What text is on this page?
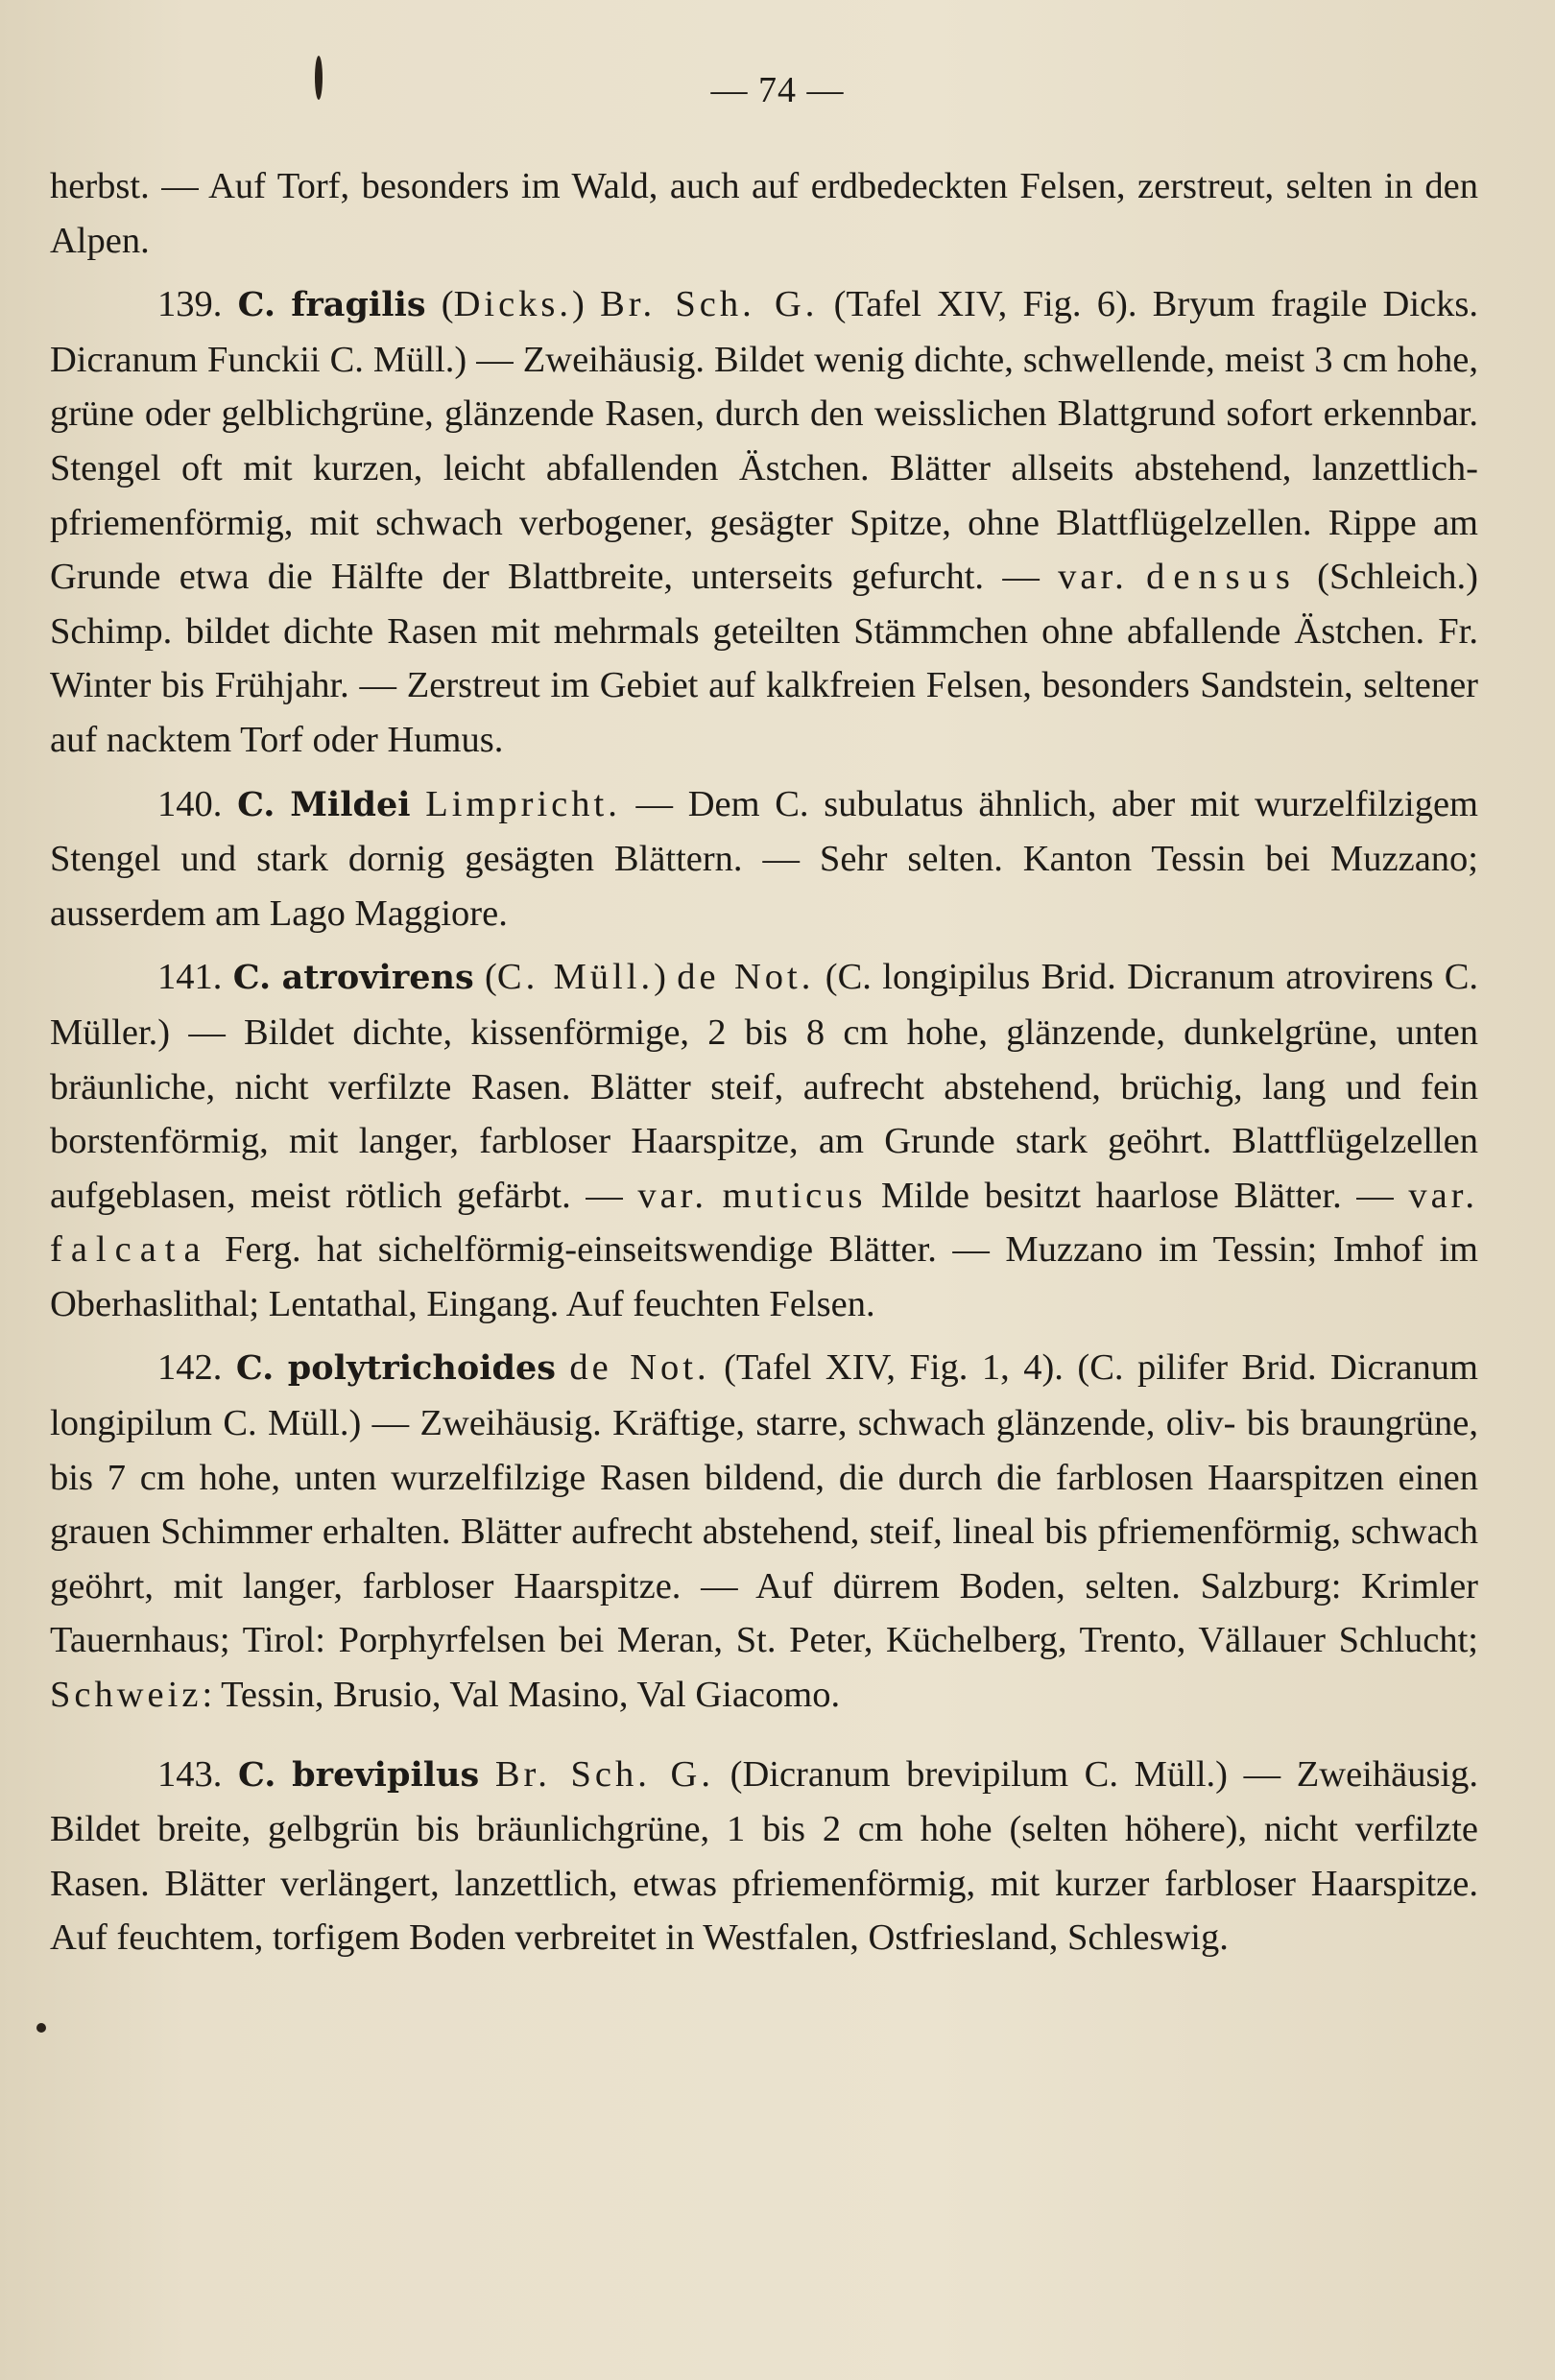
— 74 —

herbst. — Auf Torf, besonders im Wald, auch auf erdbedeckten Felsen, zerstreut, selten in den Alpen.

139. C. fragilis (Dicks.) Br. Sch. G. (Tafel XIV, Fig. 6). Bryum fragile Dicks. Dicranum Funckii C. Müll.) — Zweihäusig. Bildet wenig dichte, schwellende, meist 3 cm hohe, grüne oder gelblichgrüne, glänzende Rasen, durch den weisslichen Blattgrund sofort erkennbar. Stengel oft mit kurzen, leicht abfallenden Ästchen. Blätter allseits abstehend, lanzettlich-pfriemenförmig, mit schwach verbogener, gesägter Spitze, ohne Blattflügelzellen. Rippe am Grunde etwa die Hälfte der Blattbreite, unterseits gefurcht. — var. densus (Schleich.) Schimp. bildet dichte Rasen mit mehrmals geteilten Stämmchen ohne abfallende Ästchen. Fr. Winter bis Frühjahr. — Zerstreut im Gebiet auf kalkfreien Felsen, besonders Sandstein, seltener auf nacktem Torf oder Humus.

140. C. Mildei Limpricht. — Dem C. subulatus ähnlich, aber mit wurzelfilzigem Stengel und stark dornig gesägten Blättern. — Sehr selten. Kanton Tessin bei Muzzano; ausserdem am Lago Maggiore.

141. C. atrovirens (C. Müll.) de Not. (C. longipilus Brid. Dicranum atrovirens C. Müller.) — Bildet dichte, kissenförmige, 2 bis 8 cm hohe, glänzende, dunkelgrüne, unten bräunliche, nicht verfilzte Rasen. Blätter steif, aufrecht abstehend, brüchig, lang und fein borstenförmig, mit langer, farbloser Haarspitze, am Grunde stark geöhrt. Blattflügelzellen aufgeblasen, meist rötlich gefärbt. — var. muticus Milde besitzt haarlose Blätter. — var. falcata Ferg. hat sichelförmig-einseitswendige Blätter. — Muzzano im Tessin; Imhof im Oberhaslithal; Lentathal, Eingang. Auf feuchten Felsen.

142. C. polytrichoides de Not. (Tafel XIV, Fig. 1, 4). (C. pilifer Brid. Dicranum longipilum C. Müll.) — Zweihäusig. Kräftige, starre, schwach glänzende, oliv- bis braungrüne, bis 7 cm hohe, unten wurzelfilzige Rasen bildend, die durch die farblosen Haarspitzen einen grauen Schimmer erhalten. Blätter aufrecht abstehend, steif, lineal bis pfriemenförmig, schwach geöhrt, mit langer, farbloser Haarspitze. — Auf dürrem Boden, selten. Salzburg: Krimler Tauernhaus; Tirol: Porphyrfelsen bei Meran, St. Peter, Küchelberg, Trento, Vällauer Schlucht; Schweiz: Tessin, Brusio, Val Masino, Val Giacomo.

143. C. brevipilus Br. Sch. G. (Dicranum brevipilum C. Müll.) — Zweihäusig. Bildet breite, gelbgrün bis bräunlichgrüne, 1 bis 2 cm hohe (selten höhere), nicht verfilzte Rasen. Blätter verlängert, lanzettlich, etwas pfriemenförmig, mit kurzer farbloser Haarspitze. Auf feuchtem, torfigem Boden verbreitet in Westfalen, Ostfriesland, Schleswig.
